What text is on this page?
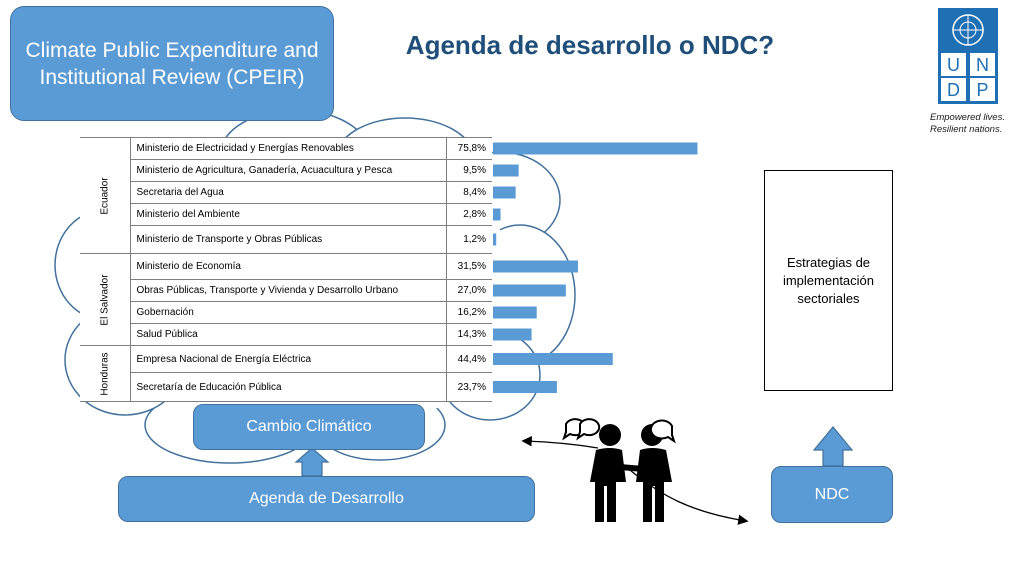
Climate Public Expenditure and Institutional Review (CPEIR)
Agenda de desarrollo o NDC?
Ecuador	Ministerio de Electricidad y Energías Renovables	75,8%
	Ministerio de Agricultura, Ganadería, Acuacultura y Pesca	9,5%
	Secretaria del Agua	8,4%
	Ministerio del Ambiente	2,8%
	Ministerio de Transporte y Obras Públicas	1,2%

El Salvador	Ministerio de Economía	31,5%
	Obras Públicas, Transporte y Vivienda y Desarrollo Urbano	27,0%
	Gobernación	16,2%
	Salud Pública	14,3%

Honduras	Empresa Nacional de Energía Eléctrica	44,4%
	Secretaría de Educación Pública	23,7%
Estrategias de implementación sectoriales
Cambio Climático
Agenda de Desarrollo	NDC
U N
D P
Empowered lives.
Resilient nations.
